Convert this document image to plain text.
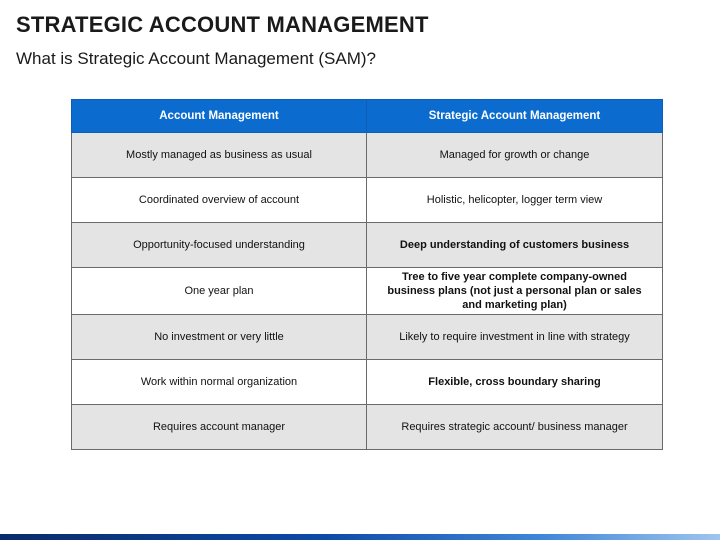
STRATEGIC ACCOUNT MANAGEMENT
What is Strategic Account Management (SAM)?
Account Management	Strategic Account Management
Mostly managed as business as usual	Managed for growth or change
Coordinated overview of account	Holistic, helicopter, logger term view
Opportunity-focused understanding	Deep understanding of customers business
One year plan	Tree to five year complete company-owned business plans (not just a personal plan or sales and marketing plan)
No investment or very little	Likely to require investment in line with strategy
Work within normal organization	Flexible, cross boundary sharing
Requires account manager	Requires strategic account/ business manager
